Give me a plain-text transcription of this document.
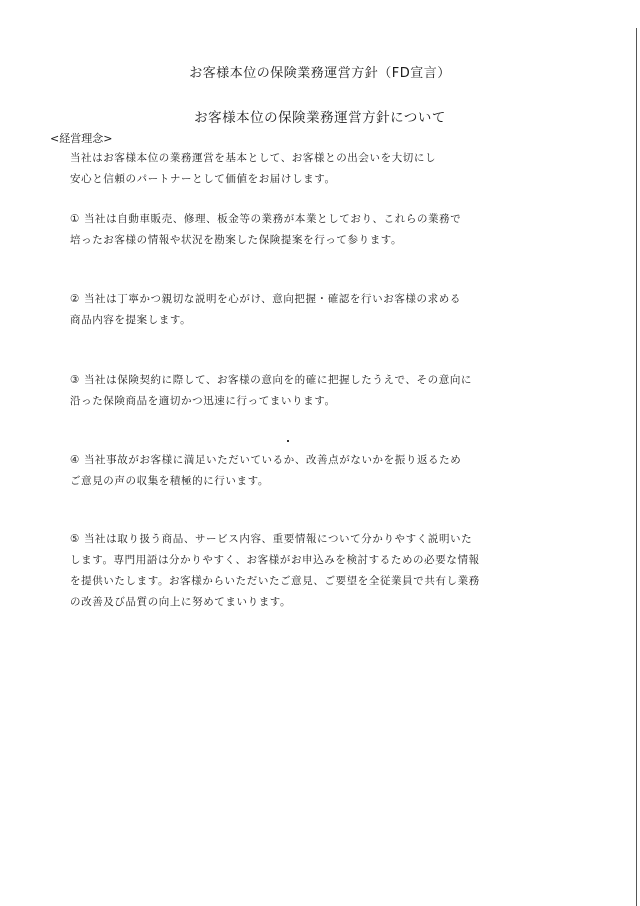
お客様本位の保険業務運営方針（FD宣言）
お客様本位の保険業務運営方針について
<経営理念>
当社はお客様本位の業務運営を基本として、お客様との出会いを大切にし
安心と信頼のパートナーとして価値をお届けします。
① 当社は自動車販売、修理、板金等の業務が本業としており、これらの業務で
培ったお客様の情報や状況を勘案した保険提案を行って参ります。
② 当社は丁寧かつ親切な説明を心がけ、意向把握・確認を行いお客様の求める
商品内容を提案します。
③ 当社は保険契約に際して、お客様の意向を的確に把握したうえで、その意向に
沿った保険商品を適切かつ迅速に行ってまいります。
④ 当社事故がお客様に満足いただいているか、改善点がないかを振り返るため
ご意見の声の収集を積極的に行います。
⑤ 当社は取り扱う商品、サービス内容、重要情報について分かりやすく説明いた
します。専門用語は分かりやすく、お客様がお申込みを検討するための必要な情報
を提供いたします。お客様からいただいたご意見、ご要望を全従業員で共有し業務
の改善及び品質の向上に努めてまいります。
